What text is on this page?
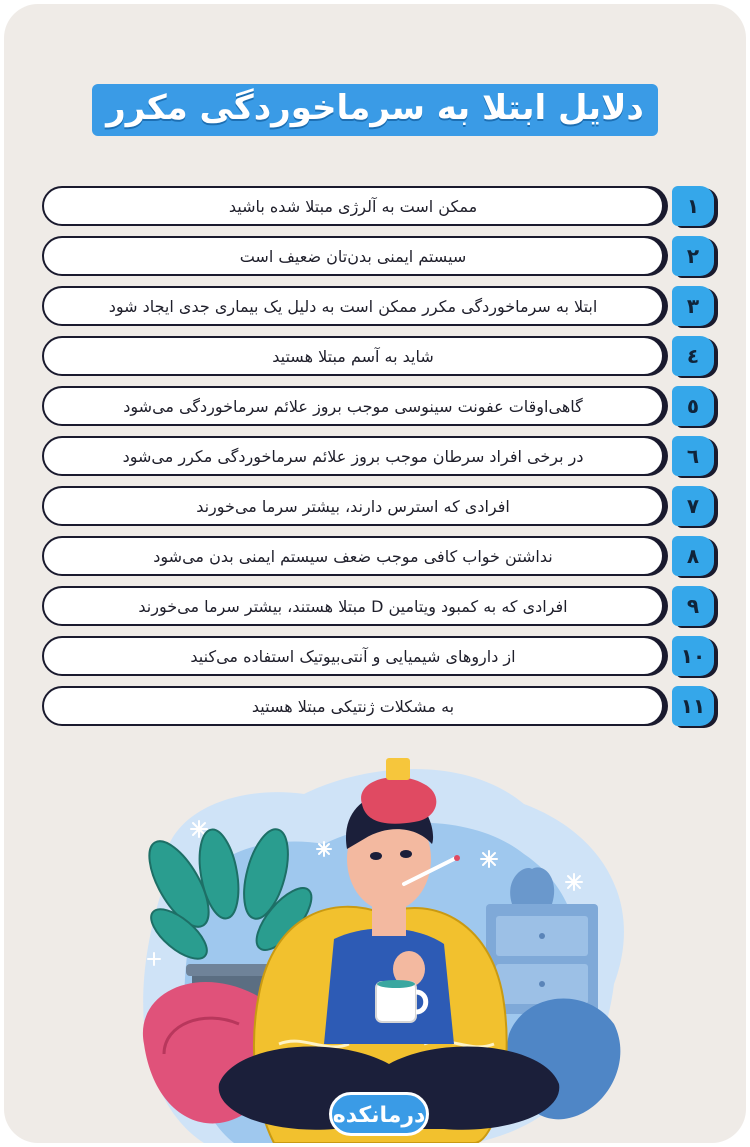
دلایل ابتلا به سرماخوردگی مکرر
ممکن است به آلرژی مبتلا شده باشید	۱
سیستم ایمنی بدن‌تان ضعیف است	۲
ابتلا به سرماخوردگی مکرر ممکن است به دلیل یک بیماری جدی ایجاد شود	۳
شاید به آسم مبتلا هستید	٤
گاهی‌اوقات عفونت سینوسی موجب بروز علائم سرماخوردگی می‌شود	٥
در برخی افراد سرطان موجب بروز علائم سرماخوردگی مکرر می‌شود	٦
افرادی که استرس دارند، بیشتر سرما می‌خورند	۷
نداشتن خواب کافی موجب ضعف سیستم ایمنی بدن می‌شود	۸
افرادی که به کمبود ویتامین D مبتلا هستند، بیشتر سرما می‌خورند	۹
از داروهای شیمیایی و آنتی‌بیوتیک استفاده می‌کنید	۱۰
به مشکلات ژنتیکی مبتلا هستید	۱۱
درمانکده
